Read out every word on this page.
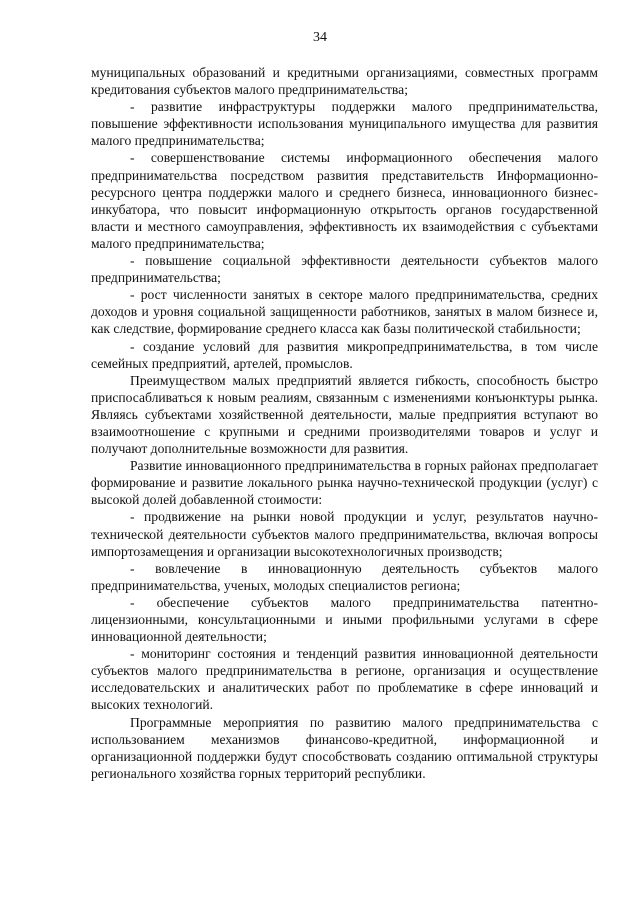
34

муниципальных образований и кредитными организациями, совместных программ кредитования субъектов малого предпринимательства;

- развитие инфраструктуры поддержки малого предпринимательства, повышение эффективности использования муниципального имущества для развития малого предпринимательства;

- совершенствование системы информационного обеспечения малого предпринимательства посредством развития представительств Информационно-ресурсного центра поддержки малого и среднего бизнеса, инновационного бизнес-инкубатора, что повысит информационную открытость органов государственной власти и местного самоуправления, эффективность их взаимодействия с субъектами малого предпринимательства;

- повышение социальной эффективности деятельности субъектов малого предпринимательства;

- рост численности занятых в секторе малого предпринимательства, средних доходов и уровня социальной защищенности работников, занятых в малом бизнесе и, как следствие, формирование среднего класса как базы политической стабильности;

- создание условий для развития микропредпринимательства, в том числе семейных предприятий, артелей, промыслов.

Преимуществом малых предприятий является гибкость, способность быстро приспосабливаться к новым реалиям, связанным с изменениями конъюнктуры рынка. Являясь субъектами хозяйственной деятельности, малые предприятия вступают во взаимоотношение с крупными и средними производителями товаров и услуг и получают дополнительные возможности для развития.

Развитие инновационного предпринимательства в горных районах предполагает формирование и развитие локального рынка научно-технической продукции (услуг) с высокой долей добавленной стоимости:

- продвижение на рынки новой продукции и услуг, результатов научно-технической деятельности субъектов малого предпринимательства, включая вопросы импортозамещения и организации высокотехнологичных производств;

- вовлечение в инновационную деятельность субъектов малого предпринимательства, ученых, молодых специалистов региона;

- обеспечение субъектов малого предпринимательства патентно-лицензионными, консультационными и иными профильными услугами в сфере инновационной деятельности;

- мониторинг состояния и тенденций развития инновационной деятельности субъектов малого предпринимательства в регионе, организация и осуществление исследовательских и аналитических работ по проблематике в сфере инноваций и высоких технологий.

Программные мероприятия по развитию малого предпринимательства с использованием механизмов финансово-кредитной, информационной и организационной поддержки будут способствовать созданию оптимальной структуры регионального хозяйства горных территорий республики.
